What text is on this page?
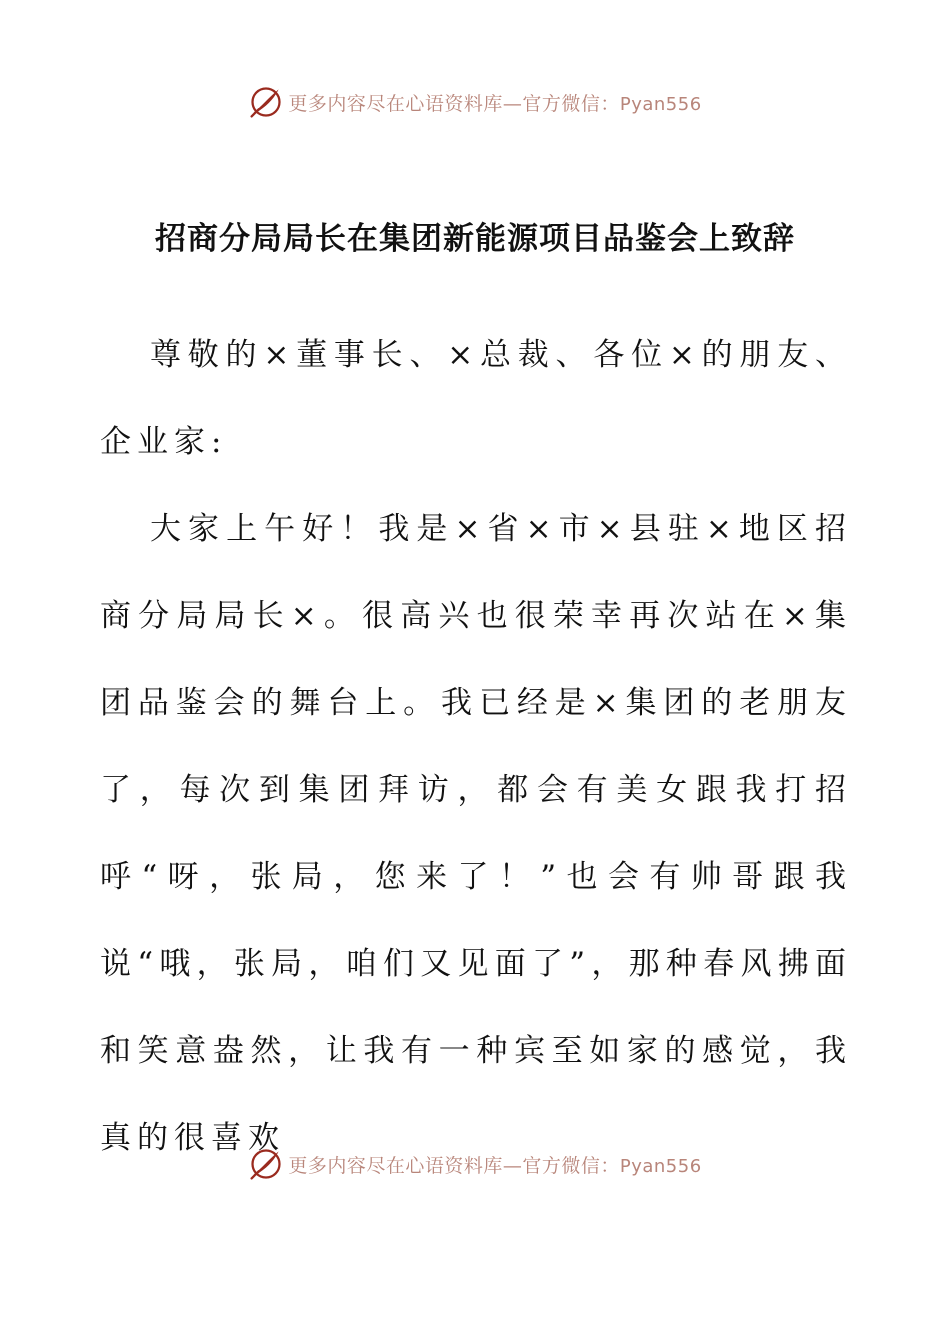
更多内容尽在心语资料库—官方微信：Pyan556
招商分局局长在集团新能源项目品鉴会上致辞

尊敬的×董事长、×总裁、各位×的朋友、企业家:

大家上午好！我是×省×市×县驻×地区招商分局局长×。很高兴也很荣幸再次站在×集团品鉴会的舞台上。我已经是×集团的老朋友了，每次到集团拜访，都会有美女跟我打招呼“呀，张局，您来了！”也会有帅哥跟我说“哦，张局，咱们又见面了”，那种春风拂面和笑意盎然，让我有一种宾至如家的感觉，我真的很喜欢

更多内容尽在心语资料库—官方微信：Pyan556
